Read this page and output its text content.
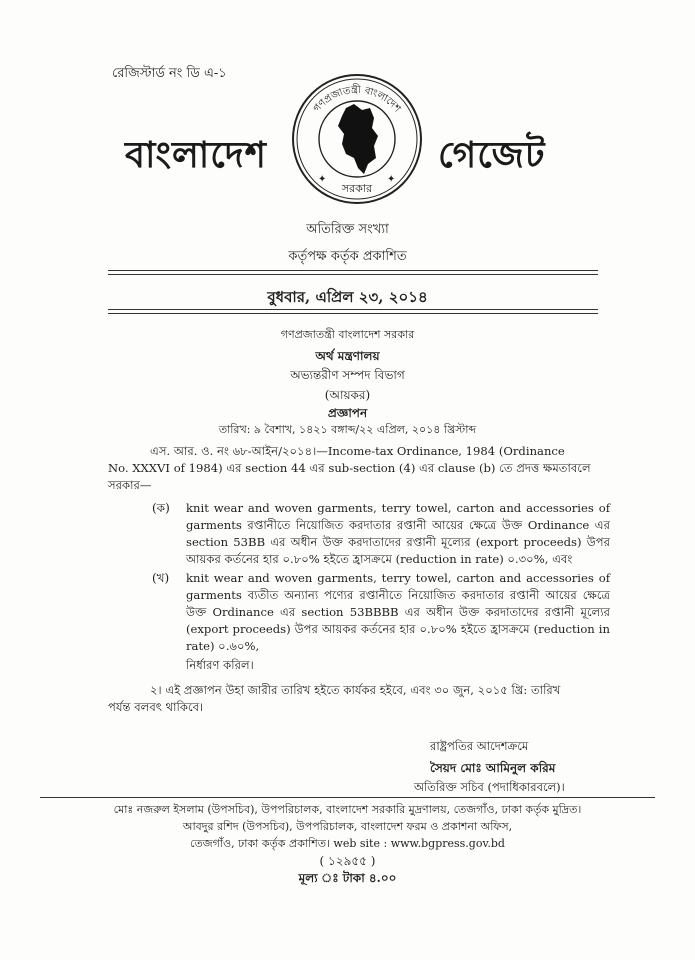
রেজিস্টার্ড নং ডি এ-১
বাংলাদেশ
গণপ্রজাতন্ত্রী বাংলাদেশ
সরকার
✦	✦
গেজেট
অতিরিক্ত সংখ্যা
কর্তৃপক্ষ কর্তৃক প্রকাশিত
বুধবার, এপ্রিল ২৩, ২০১৪
গণপ্রজাতন্ত্রী বাংলাদেশ সরকার
অর্থ মন্ত্রণালয়
অভ্যন্তরীণ সম্পদ বিভাগ
(আয়কর)
প্রজ্ঞাপন
তারিখ: ৯ বৈশাখ, ১৪২১ বঙ্গাব্দ/২২ এপ্রিল, ২০১৪ খ্রিস্টাব্দ
এস. আর. ও. নং ৬৮-আইন/২০১৪।—Income-tax Ordinance, 1984 (Ordinance
No. XXXVI of 1984) এর section 44 এর sub-section (4) এর clause (b) তে প্রদত্ত ক্ষমতাবলে সরকার—
(ক) knit wear and woven garments, terry towel, carton and accessories of garments রপ্তানীতে নিয়োজিত করদাতার রপ্তানী আয়ের ক্ষেত্রে উক্ত Ordinance এর section 53BB এর অধীন উক্ত করদাতাদের রপ্তানী মূল্যের (export proceeds) উপর আয়কর কর্তনের হার ০.৮০% হইতে হ্রাসক্রমে (reduction in rate) ০.৩০%, এবং
(খ) knit wear and woven garments, terry towel, carton and accessories of garments ব্যতীত অন্যান্য পণ্যের রপ্তানীতে নিয়োজিত করদাতার রপ্তানী আয়ের ক্ষেত্রে উক্ত Ordinance এর section 53BBBB এর অধীন উক্ত করদাতাদের রপ্তানী মূল্যের (export proceeds) উপর আয়কর কর্তনের হার ০.৮০% হইতে হ্রাসক্রমে (reduction in rate) ০.৬০%,
নির্ধারণ করিল।
২। এই প্রজ্ঞাপন উহা জারীর তারিখ হইতে কার্যকর হইবে, এবং ৩০ জুন, ২০১৫ খ্রি: তারিখ
পর্যন্ত বলবৎ থাকিবে।
রাষ্ট্রপতির আদেশক্রমে
সৈয়দ মোঃ আমিনুল করিম
অতিরিক্ত সচিব (পদাধিকারবলে)।
মোঃ নজরুল ইসলাম (উপসচিব), উপপরিচালক, বাংলাদেশ সরকারি মুদ্রণালয়, তেজগাঁও, ঢাকা কর্তৃক মুদ্রিত।
আবদুর রশিদ (উপসচিব), উপপরিচালক, বাংলাদেশ ফরম ও প্রকাশনা অফিস,
তেজগাঁও, ঢাকা কর্তৃক প্রকাশিত। web site : www.bgpress.gov.bd
( ১২৯৫৫ )
মূল্য ঃ টাকা ৪.০০
